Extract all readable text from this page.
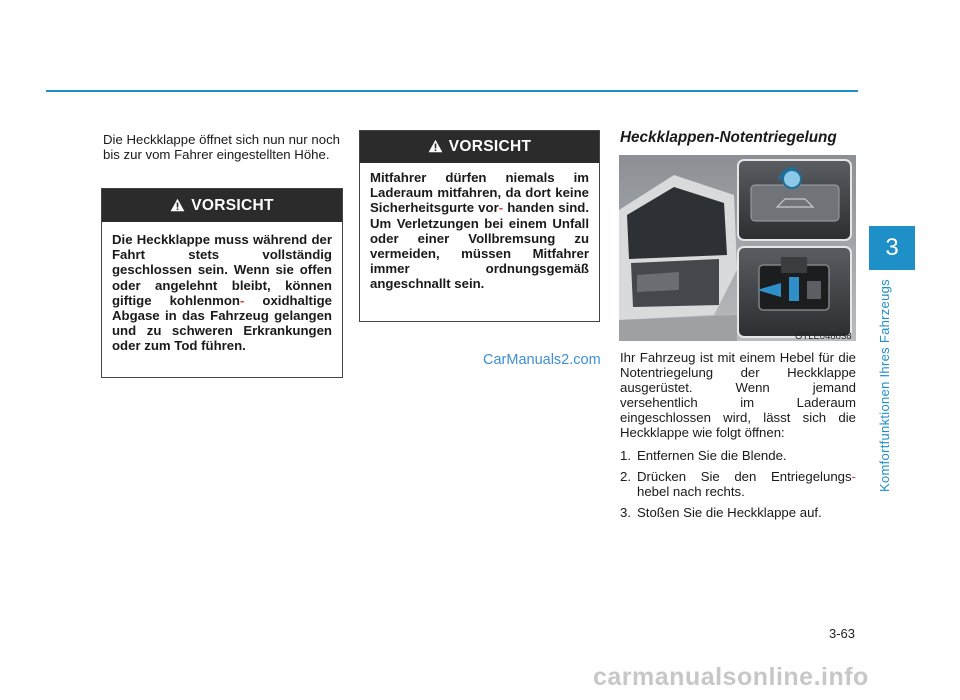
Die Heckklappe öffnet sich nun nur noch bis zur vom Fahrer eingestellten Höhe.
VORSICHT
Die Heckklappe muss während der Fahrt stets vollständig geschlossen sein. Wenn sie offen oder angelehnt bleibt, können giftige kohlenmon- oxidhaltige Abgase in das Fahrzeug gelangen und zu schweren Erkrankungen oder zum Tod führen.
VORSICHT
Mitfahrer dürfen niemals im Laderaum mitfahren, da dort keine Sicherheitsgurte vor- handen sind. Um Verletzungen bei einem Unfall oder einer Vollbremsung zu vermeiden, müssen Mitfahrer immer ordnungsgemäß angeschnallt sein.
CarManuals2.com
Heckklappen-Notentriegelung
OTLE048038
Ihr Fahrzeug ist mit einem Hebel für die Notentriegelung der Heckklappe ausgerüstet. Wenn jemand versehentlich im Laderaum eingeschlossen wird, lässt sich die Heckklappe wie folgt öffnen:
1. Entfernen Sie die Blende.
2. Drücken Sie den Entriegelungs- hebel nach rechts.
3. Stoßen Sie die Heckklappe auf.
3
Komfortfunktionen Ihres Fahrzeugs
3-63
carmanualsonline.info
